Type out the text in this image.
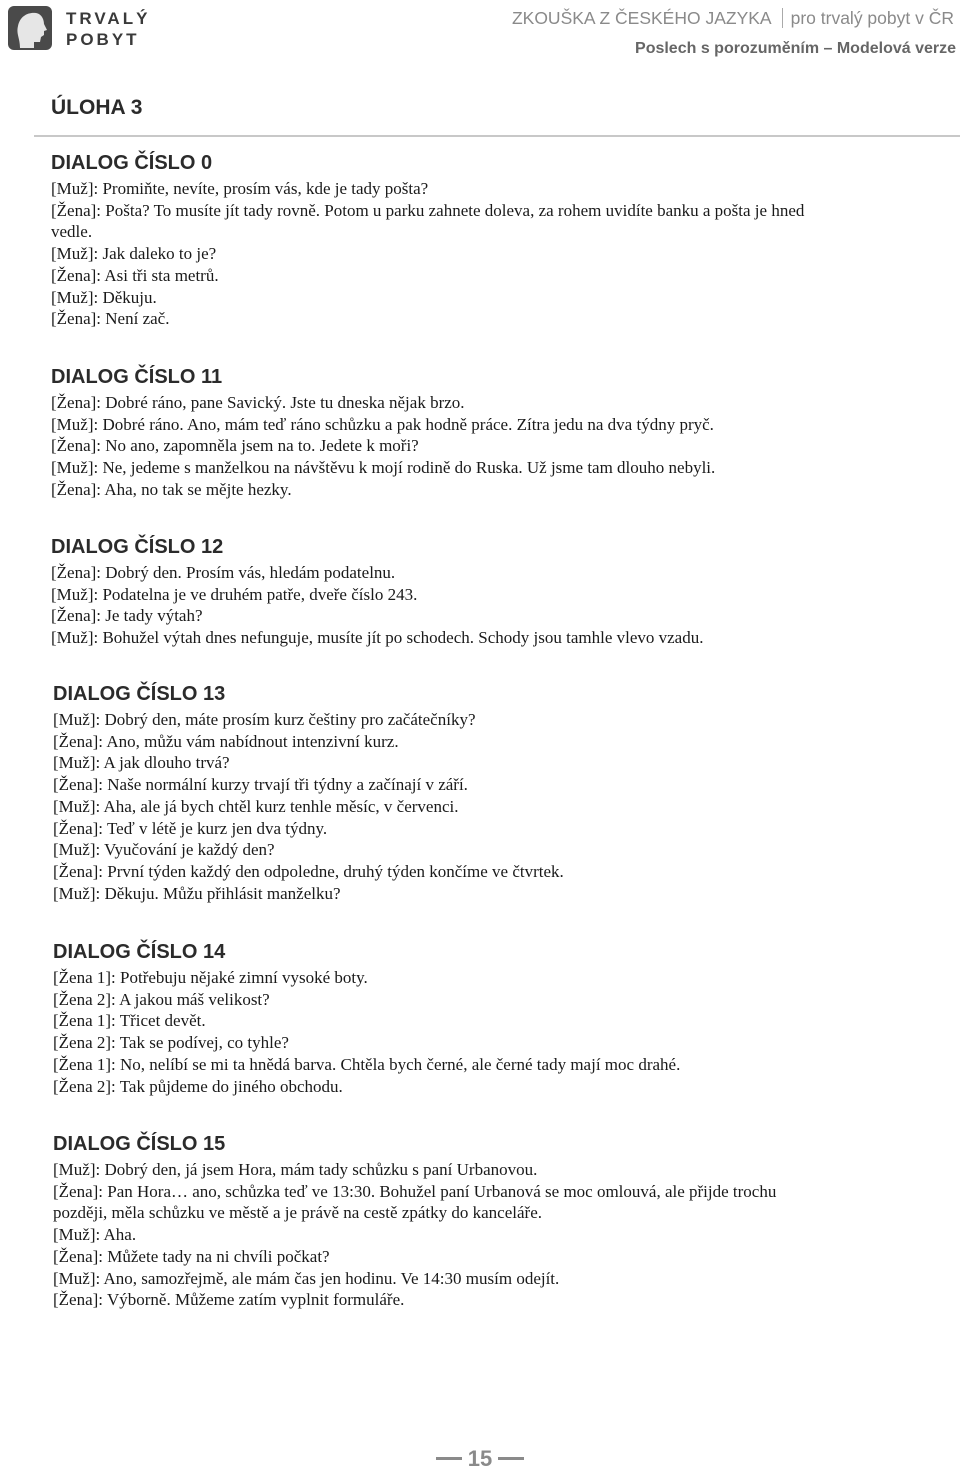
TRVALÝ
POBYT
ZKOUŠKA Z ČESKÉHO JAZYKA pro trvalý pobyt v ČR
Poslech s porozuměním – Modelová verze
ÚLOHA 3
DIALOG ČÍSLO 0
[Muž]: Promiňte, nevíte, prosím vás, kde je tady pošta?
[Žena]: Pošta? To musíte jít tady rovně. Potom u parku zahnete doleva, za rohem uvidíte banku a pošta je hned
vedle.
[Muž]: Jak daleko to je?
[Žena]: Asi tři sta metrů.
[Muž]: Děkuju.
[Žena]: Není zač.
DIALOG ČÍSLO 11
[Žena]: Dobré ráno, pane Savický. Jste tu dneska nějak brzo.
[Muž]: Dobré ráno. Ano, mám teď ráno schůzku a pak hodně práce. Zítra jedu na dva týdny pryč.
[Žena]: No ano, zapomněla jsem na to. Jedete k moři?
[Muž]: Ne, jedeme s manželkou na návštěvu k mojí rodině do Ruska. Už jsme tam dlouho nebyli.
[Žena]: Aha, no tak se mějte hezky.
DIALOG ČÍSLO 12
[Žena]: Dobrý den. Prosím vás, hledám podatelnu.
[Muž]: Podatelna je ve druhém patře, dveře číslo 243.
[Žena]: Je tady výtah?
[Muž]: Bohužel výtah dnes nefunguje, musíte jít po schodech. Schody jsou tamhle vlevo vzadu.
DIALOG ČÍSLO 13
[Muž]: Dobrý den, máte prosím kurz češtiny pro začátečníky?
[Žena]: Ano, můžu vám nabídnout intenzivní kurz.
[Muž]: A jak dlouho trvá?
[Žena]: Naše normální kurzy trvají tři týdny a začínají v září.
[Muž]: Aha, ale já bych chtěl kurz tenhle měsíc, v červenci.
[Žena]: Teď v létě je kurz jen dva týdny.
[Muž]: Vyučování je každý den?
[Žena]: První týden každý den odpoledne, druhý týden končíme ve čtvrtek.
[Muž]: Děkuju. Můžu přihlásit manželku?
DIALOG ČÍSLO 14
[Žena 1]: Potřebuju nějaké zimní vysoké boty.
[Žena 2]: A jakou máš velikost?
[Žena 1]: Třicet devět.
[Žena 2]: Tak se podívej, co tyhle?
[Žena 1]: No, nelíbí se mi ta hnědá barva. Chtěla bych černé, ale černé tady mají moc drahé.
[Žena 2]: Tak půjdeme do jiného obchodu.
DIALOG ČÍSLO 15
[Muž]: Dobrý den, já jsem Hora, mám tady schůzku s paní Urbanovou.
[Žena]: Pan Hora… ano, schůzka teď ve 13:30. Bohužel paní Urbanová se moc omlouvá, ale přijde trochu
později, měla schůzku ve městě a je právě na cestě zpátky do kanceláře.
[Muž]: Aha.
[Žena]: Můžete tady na ni chvíli počkat?
[Muž]: Ano, samozřejmě, ale mám čas jen hodinu. Ve 14:30 musím odejít.
[Žena]: Výborně. Můžeme zatím vyplnit formuláře.
15
